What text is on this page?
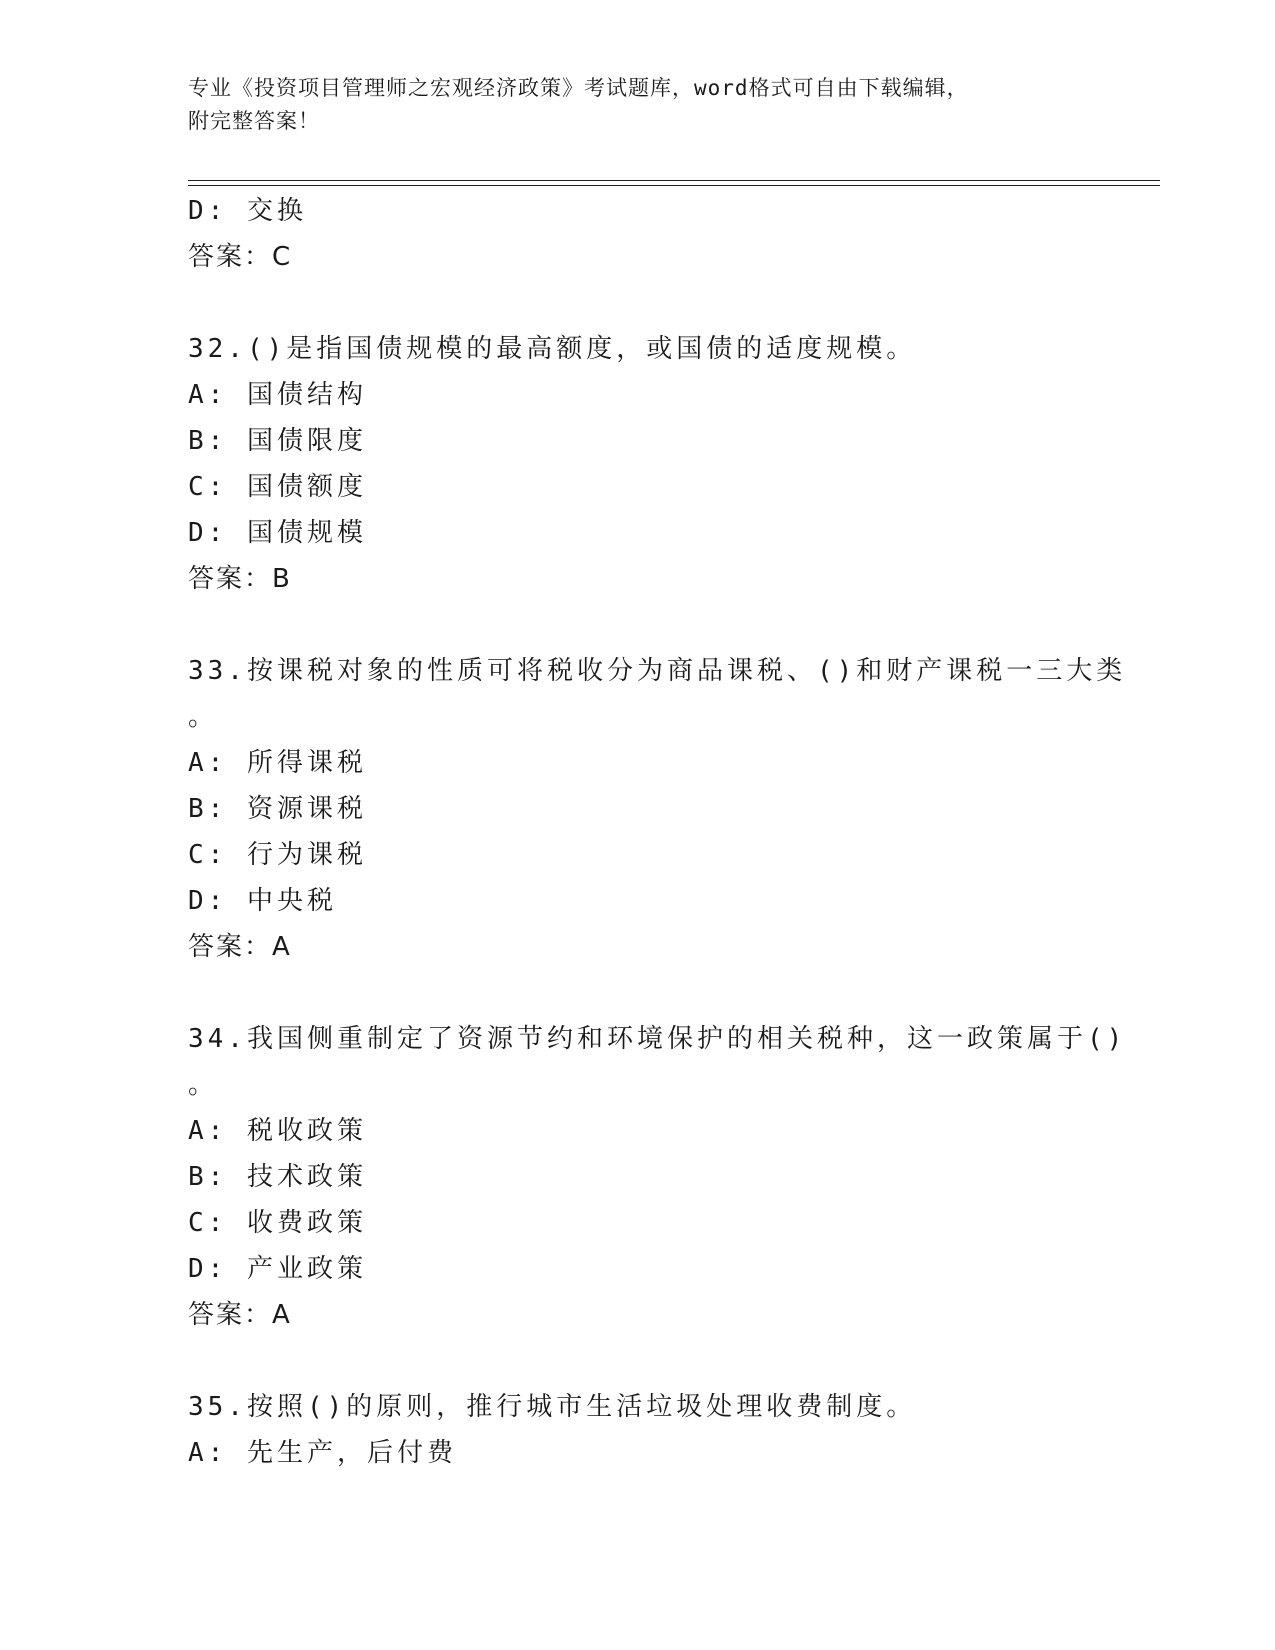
专业《投资项目管理师之宏观经济政策》考试题库，word格式可自由下载编辑，
附完整答案！
D: 交换
答案：C
32.()是指国债规模的最高额度，或国债的适度规模。
A: 国债结构
B: 国债限度
C: 国债额度
D: 国债规模
答案：B
33.按课税对象的性质可将税收分为商品课税、()和财产课税一三大类
。
A: 所得课税
B: 资源课税
C: 行为课税
D: 中央税
答案：A
34.我国侧重制定了资源节约和环境保护的相关税种，这一政策属于()
。
A: 税收政策
B: 技术政策
C: 收费政策
D: 产业政策
答案：A
35.按照()的原则，推行城市生活垃圾处理收费制度。
A: 先生产，后付费
